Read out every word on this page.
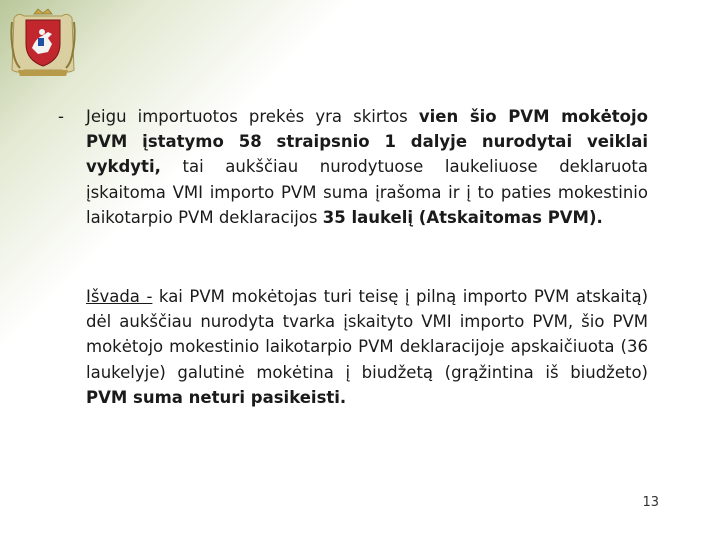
- Jeigu importuotos prekės yra skirtos vien šio PVM mokėtojo PVM įstatymo 58 straipsnio 1 dalyje nurodytai veiklai vykdyti, tai aukščiau nurodytuose laukeliuose deklaruota įskaitoma VMI importo PVM suma įrašoma ir į to paties mokestinio laikotarpio PVM deklaracijos 35 laukelį (Atskaitomas PVM).
Išvada - kai PVM mokėtojas turi teisę į pilną importo PVM atskaitą) dėl aukščiau nurodyta tvarka įskaityto VMI importo PVM, šio PVM mokėtojo mokestinio laikotarpio PVM deklaracijoje apskaičiuota (36 laukelyje) galutinė mokėtina į biudžetą (grąžintina iš biudžeto) PVM suma neturi pasikeisti.
13
